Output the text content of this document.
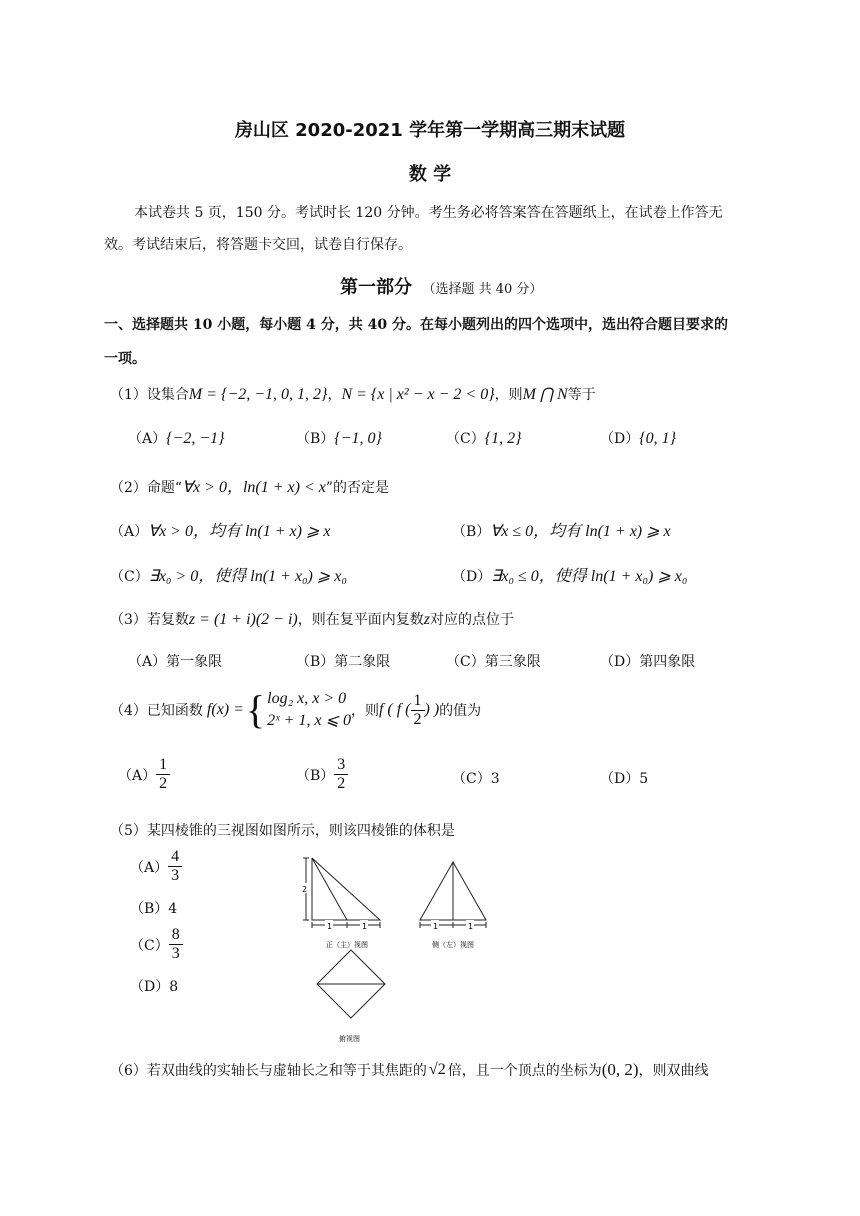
房山区 2020-2021 学年第一学期高三期末试题
数 学
本试卷共 5 页，150 分。考试时长 120 分钟。考生务必将答案答在答题纸上，在试卷上作答无
效。考试结束后，将答题卡交回，试卷自行保存。
第一部分 （选择题 共 40 分）
一、选择题共 10 小题，每小题 4 分，共 40 分。在每小题列出的四个选项中，选出符合题目要求的
一项。
（1）设集合M = {−2, −1, 0, 1, 2}，N = {x | x² − x − 2 < 0}，则M ⋂ N等于
（A）{−2, −1}	（B）{−1, 0}	（C）{1, 2}	（D）{0, 1}
（2）命题“∀x > 0，ln(1 + x) < x”的否定是
（A）∀x > 0，均有 ln(1 + x) ⩾ x	（B）∀x ≤ 0，均有 ln(1 + x) ⩾ x
（C）∃x₀ > 0，使得 ln(1 + x₀) ⩾ x₀	（D）∃x₀ ≤ 0，使得 ln(1 + x₀) ⩾ x₀
（3）若复数z = (1 + i)(2 − i)，则在复平面内复数z对应的点位于
（A）第一象限	（B）第二象限	（C）第三象限	（D）第四象限
（4） 已知函数 f(x) = { log₂ x, x > 0
2ˣ + 1, x ⩽ 0
，则 f ( f ( $\frac{1}{2}$ ) ) 的值为
$(A) \frac{1}{2}$	$(B) \frac{3}{2}$	（C）3	（D）5
（5）某四棱锥的三视图如图所示，则该四棱锥的体积是
$(A) \frac{4}{3}$
（B）4
$(C) \frac{8}{3}$
（D）8
2
1	1
正（主）视图
1	1
侧（左）视图
俯视图
（6） 若双曲线的实轴长与虚轴长之和等于其焦距的 √2 倍，且一个顶点的坐标为 (0, 2) ，则双曲线
